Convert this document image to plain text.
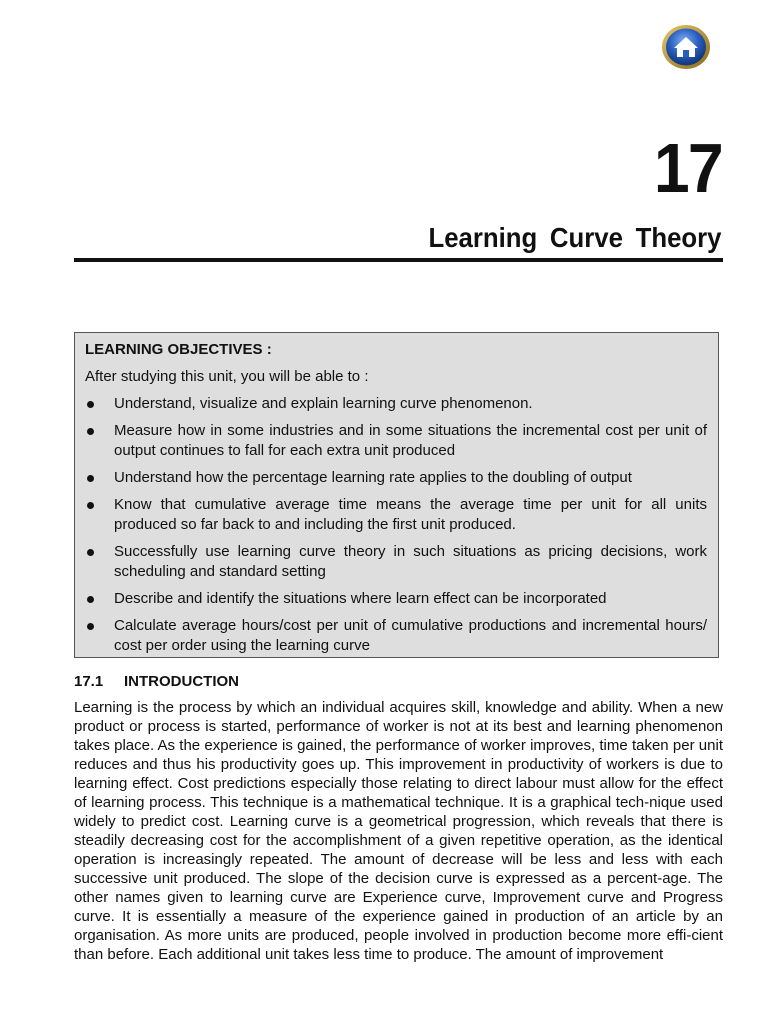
17
Learning Curve Theory
LEARNING OBJECTIVES :
After studying this unit, you will be able to :
Understand, visualize and explain learning curve phenomenon.
Measure how in some industries and in some situations the incremental cost per unit of output continues to fall for each extra unit produced
Understand how the percentage learning rate applies to the doubling of output
Know that cumulative average time means the average time per unit for all units produced so far back to and including the first unit produced.
Successfully use learning curve theory in such situations as pricing decisions, work scheduling and standard setting
Describe and identify the situations where learn effect can be incorporated
Calculate average hours/cost per unit of cumulative productions and incremental hours/ cost per order using the learning curve
17.1 INTRODUCTION

Learning is the process by which an individual acquires skill, knowledge and ability. When a new product or process is started, performance of worker is not at its best and learning phenomenon takes place. As the experience is gained, the performance of worker improves, time taken per unit reduces and thus his productivity goes up. This improvement in productivity of workers is due to learning effect. Cost predictions especially those relating to direct labour must allow for the effect of learning process. This technique is a mathematical technique. It is a graphical tech-nique used widely to predict cost. Learning curve is a geometrical progression, which reveals that there is steadily decreasing cost for the accomplishment of a given repetitive operation, as the identical operation is increasingly repeated. The amount of decrease will be less and less with each successive unit produced. The slope of the decision curve is expressed as a percent-age. The other names given to learning curve are Experience curve, Improvement curve and Progress curve. It is essentially a measure of the experience gained in production of an article by an organisation. As more units are produced, people involved in production become more effi-cient than before. Each additional unit takes less time to produce. The amount of improvement
